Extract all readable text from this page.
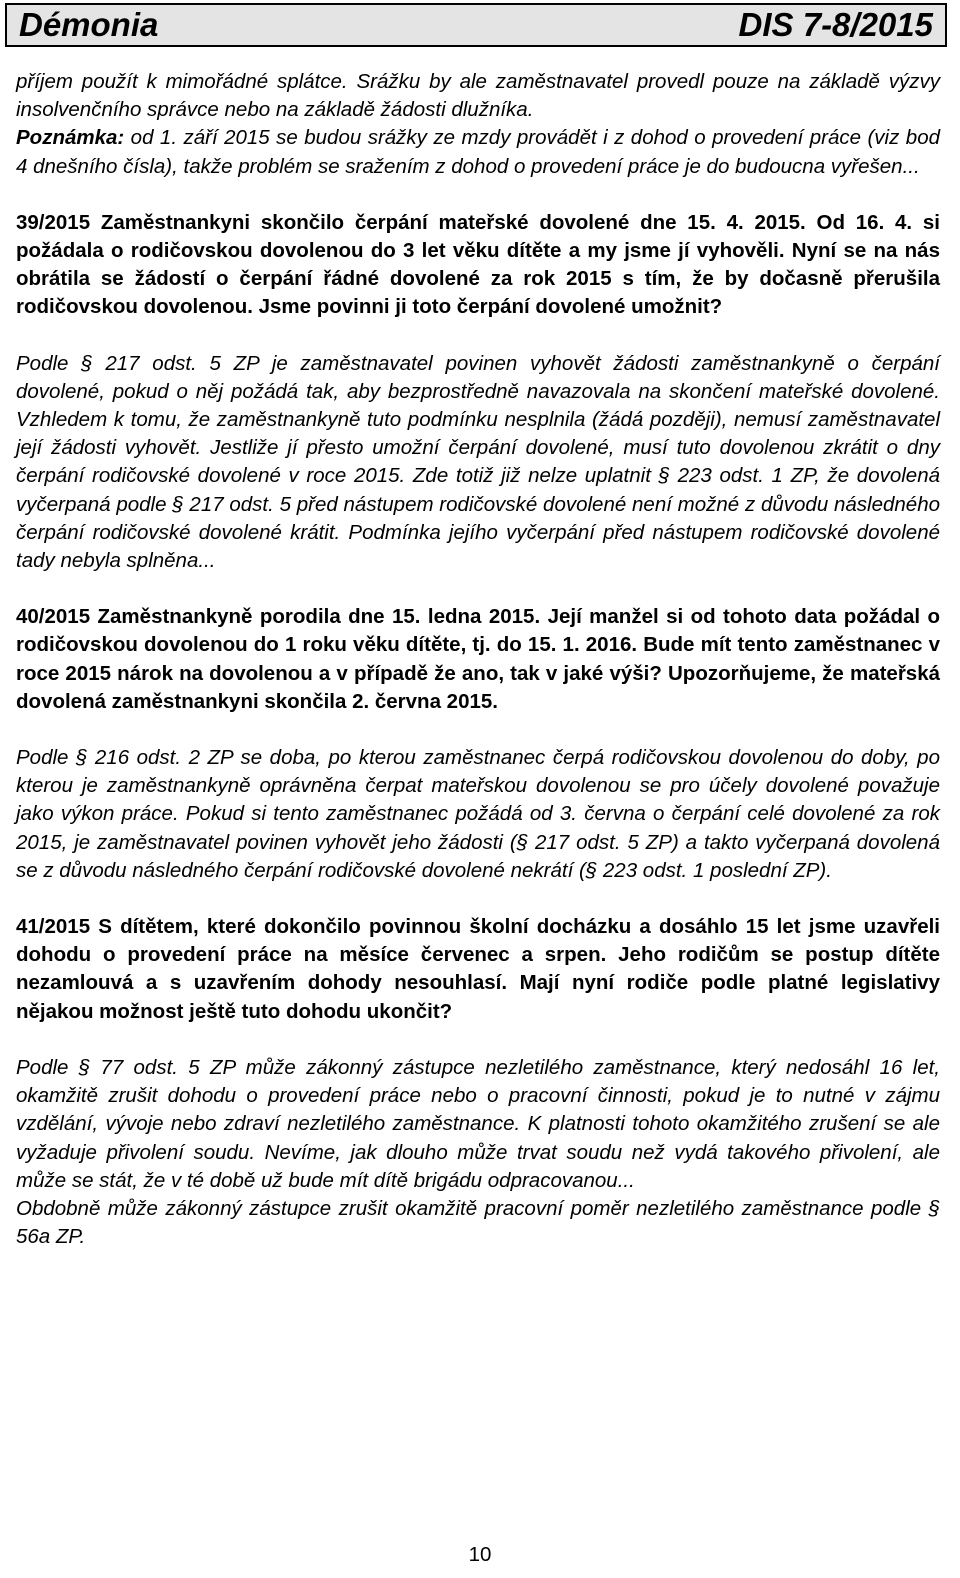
Démonia	DIS 7-8/2015

příjem použít k mimořádné splátce. Srážku by ale zaměstnavatel provedl pouze na základě výzvy insolvenčního správce nebo na základě žádosti dlužníka.
Poznámka: od 1. září 2015 se budou srážky ze mzdy provádět i z dohod o provedení práce (viz bod 4 dnešního čísla), takže problém se sražením z dohod o provedení práce je do budoucna vyřešen...

39/2015 Zaměstnankyni skončilo čerpání mateřské dovolené dne 15. 4. 2015. Od 16. 4. si požádala o rodičovskou dovolenou do 3 let věku dítěte a my jsme jí vyhověli. Nyní se na nás obrátila se žádostí o čerpání řádné dovolené za rok 2015 s tím, že by dočasně přerušila rodičovskou dovolenou. Jsme povinni ji toto čerpání dovolené umožnit?

Podle § 217 odst. 5 ZP je zaměstnavatel povinen vyhovět žádosti zaměstnankyně o čerpání dovolené, pokud o něj požádá tak, aby bezprostředně navazovala na skončení mateřské dovolené. Vzhledem k tomu, že zaměstnankyně tuto podmínku nesplnila (žádá později), nemusí zaměstnavatel její žádosti vyhovět. Jestliže jí přesto umožní čerpání dovolené, musí tuto dovolenou zkrátit o dny čerpání rodičovské dovolené v roce 2015. Zde totiž již nelze uplatnit § 223 odst. 1 ZP, že dovolená vyčerpaná podle § 217 odst. 5 před nástupem rodičovské dovolené není možné z důvodu následného čerpání rodičovské dovolené krátit. Podmínka jejího vyčerpání před nástupem rodičovské dovolené tady nebyla splněna...

40/2015 Zaměstnankyně porodila dne 15. ledna 2015. Její manžel si od tohoto data požádal o rodičovskou dovolenou do 1 roku věku dítěte, tj. do 15. 1. 2016. Bude mít tento zaměstnanec v roce 2015 nárok na dovolenou a v případě že ano, tak v jaké výši? Upozorňujeme, že mateřská dovolená zaměstnankyni skončila 2. června 2015.

Podle § 216 odst. 2 ZP se doba, po kterou zaměstnanec čerpá rodičovskou dovolenou do doby, po kterou je zaměstnankyně oprávněna čerpat mateřskou dovolenou se pro účely dovolené považuje jako výkon práce. Pokud si tento zaměstnanec požádá od 3. června o čerpání celé dovolené za rok 2015, je zaměstnavatel povinen vyhovět jeho žádosti (§ 217 odst. 5 ZP) a takto vyčerpaná dovolená se z důvodu následného čerpání rodičovské dovolené nekrátí (§ 223 odst. 1 poslední ZP).

41/2015 S dítětem, které dokončilo povinnou školní docházku a dosáhlo 15 let jsme uzavřeli dohodu o provedení práce na měsíce červenec a srpen. Jeho rodičům se postup dítěte nezamlouvá a s uzavřením dohody nesouhlasí. Mají nyní rodiče podle platné legislativy nějakou možnost ještě tuto dohodu ukončit?

Podle § 77 odst. 5 ZP může zákonný zástupce nezletilého zaměstnance, který nedosáhl 16 let, okamžitě zrušit dohodu o provedení práce nebo o pracovní činnosti, pokud je to nutné v zájmu vzdělání, vývoje nebo zdraví nezletilého zaměstnance. K platnosti tohoto okamžitého zrušení se ale vyžaduje přivolení soudu. Nevíme, jak dlouho může trvat soudu než vydá takového přivolení, ale může se stát, že v té době už bude mít dítě brigádu odpracovanou...

Obdobně může zákonný zástupce zrušit okamžitě pracovní poměr nezletilého zaměstnance podle § 56a ZP.

10
